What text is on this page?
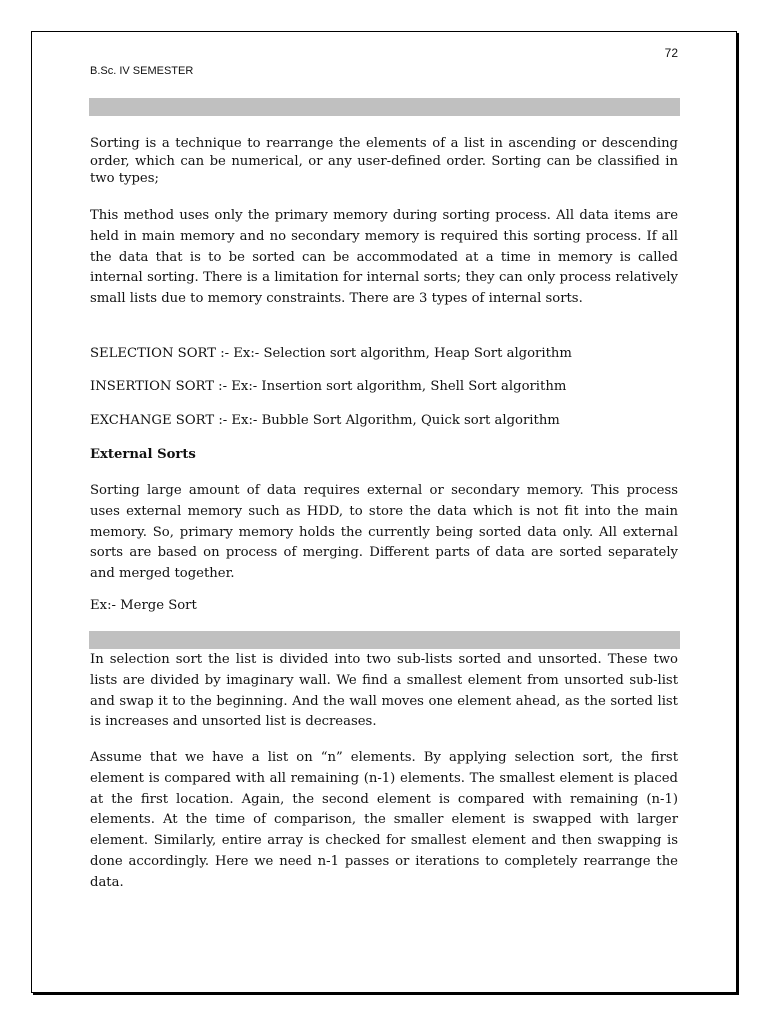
72
B.Sc. IV SEMESTER

Sorting is a technique to rearrange the elements of a list in ascending or descending order, which can be numerical, or any user-defined order. Sorting can be classified in two types;

This method uses only the primary memory during sorting process. All data items are held in main memory and no secondary memory is required this sorting process. If all the data that is to be sorted can be accommodated at a time in memory is called internal sorting. There is a limitation for internal sorts; they can only process relatively small lists due to memory constraints. There are 3 types of internal sorts.

SELECTION SORT :- Ex:- Selection sort algorithm, Heap Sort algorithm
INSERTION SORT :- Ex:- Insertion sort algorithm, Shell Sort algorithm
EXCHANGE SORT :- Ex:- Bubble Sort Algorithm, Quick sort algorithm
External Sorts

Sorting large amount of data requires external or secondary memory. This process uses external memory such as HDD, to store the data which is not fit into the main memory. So, primary memory holds the currently being sorted data only. All external sorts are based on process of merging. Different parts of data are sorted separately and merged together.

Ex:- Merge Sort

In selection sort the list is divided into two sub-lists sorted and unsorted. These two lists are divided by imaginary wall. We find a smallest element from unsorted sub-list and swap it to the beginning. And the wall moves one element ahead, as the sorted list is increases and unsorted list is decreases.

Assume that we have a list on “n” elements. By applying selection sort, the first element is compared with all remaining (n-1) elements. The smallest element is placed at the first location. Again, the second element is compared with remaining (n-1) elements. At the time of comparison, the smaller element is swapped with larger element. Similarly, entire array is checked for smallest element and then swapping is done accordingly. Here we need n-1 passes or iterations to completely rearrange the data.
